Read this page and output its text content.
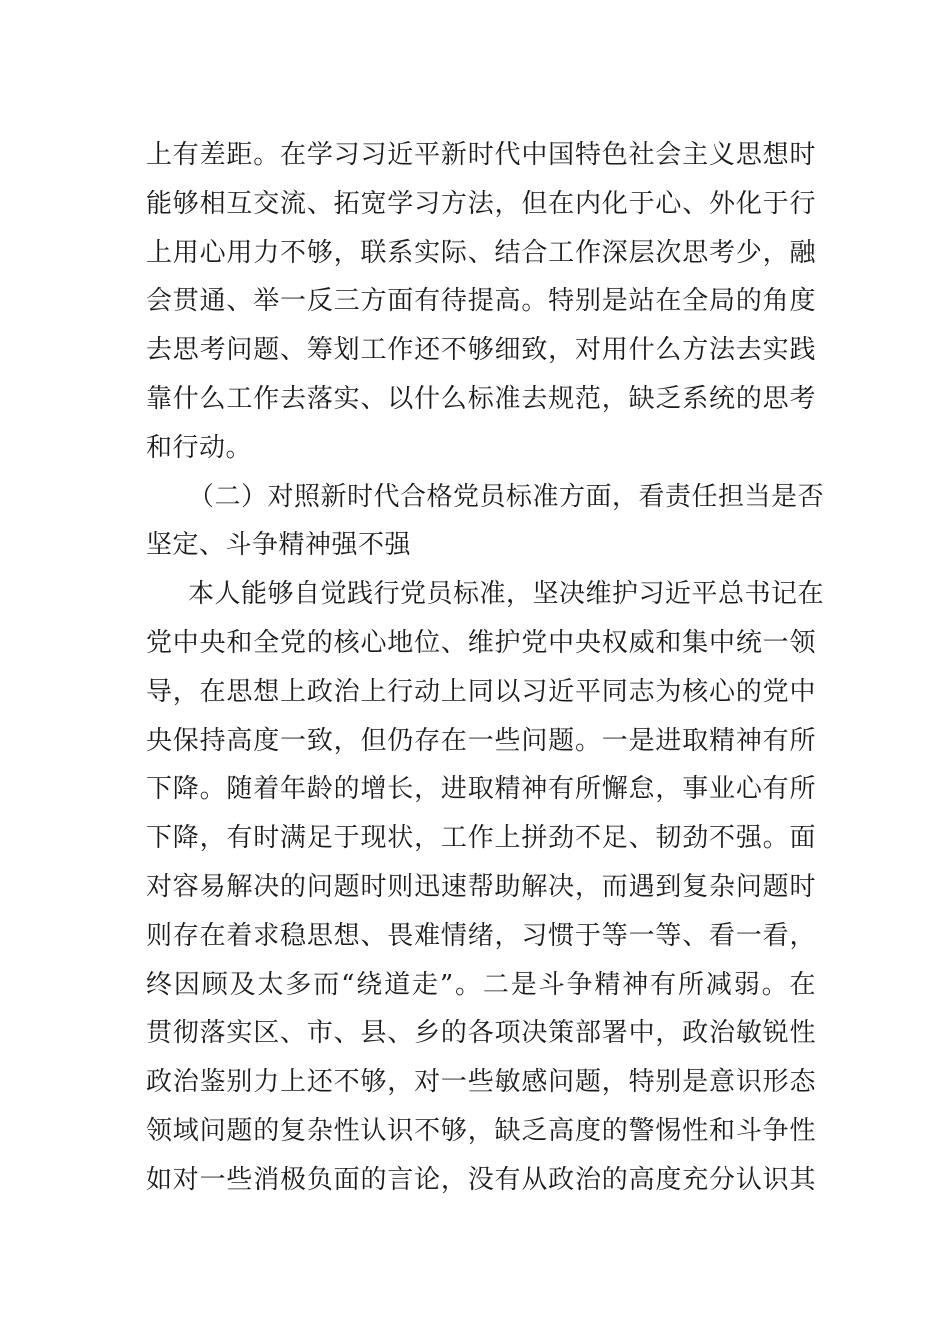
上有差距。在学习习近平新时代中国特色社会主义思想时
能够相互交流、拓宽学习方法，但在内化于心、外化于行
上用心用力不够，联系实际、结合工作深层次思考少，融
会贯通、举一反三方面有待提高。特别是站在全局的角度
去思考问题、筹划工作还不够细致，对用什么方法去实践
靠什么工作去落实、以什么标准去规范，缺乏系统的思考
和行动。
（二）对照新时代合格党员标准方面，看责任担当是否
坚定、斗争精神强不强
本人能够自觉践行党员标准，坚决维护习近平总书记在
党中央和全党的核心地位、维护党中央权威和集中统一领
导，在思想上政治上行动上同以习近平同志为核心的党中
央保持高度一致，但仍存在一些问题。一是进取精神有所
下降。随着年龄的增长，进取精神有所懈怠，事业心有所
下降，有时满足于现状，工作上拼劲不足、韧劲不强。面
对容易解决的问题时则迅速帮助解决，而遇到复杂问题时
则存在着求稳思想、畏难情绪，习惯于等一等、看一看，
终因顾及太多而“绕道走”。二是斗争精神有所减弱。在
贯彻落实区、市、县、乡的各项决策部署中，政治敏锐性
政治鉴别力上还不够，对一些敏感问题，特别是意识形态
领域问题的复杂性认识不够，缺乏高度的警惕性和斗争性
如对一些消极负面的言论，没有从政治的高度充分认识其
